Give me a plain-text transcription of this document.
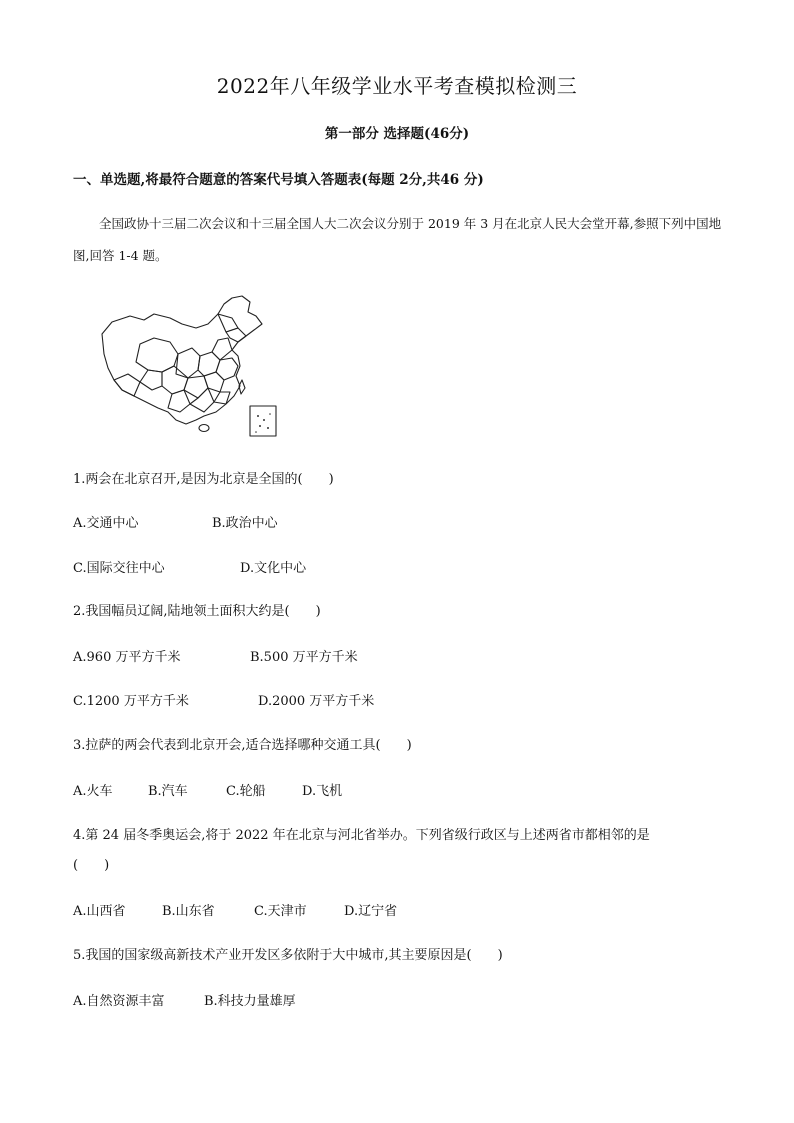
2022年八年级学业水平考查模拟检测三
第一部分 选择题(46分)
一、单选题,将最符合题意的答案代号填入答题表(每题 2分,共46 分)
全国政协十三届二次会议和十三届全国人大二次会议分别于 2019 年 3 月在北京人民大会堂开幕,参照下列中国地图,回答 1-4 题。
1.两会在北京召开,是因为北京是全国的(　　)
A.交通中心	B.政治中心
C.国际交往中心	D.文化中心
2.我国幅员辽阔,陆地领土面积大约是(　　)
A.960 万平方千米	B.500 万平方千米
C.1200 万平方千米	D.2000 万平方千米
3.拉萨的两会代表到北京开会,适合选择哪种交通工具(　　)
A.火车	B.汽车	C.轮船	D.飞机
4.第 24 届冬季奥运会,将于 2022 年在北京与河北省举办。下列省级行政区与上述两省市都相邻的是
(　　)
A.山西省	B.山东省	C.天津市	D.辽宁省
5.我国的国家级高新技术产业开发区多依附于大中城市,其主要原因是(　　)
A.自然资源丰富	B.科技力量雄厚
